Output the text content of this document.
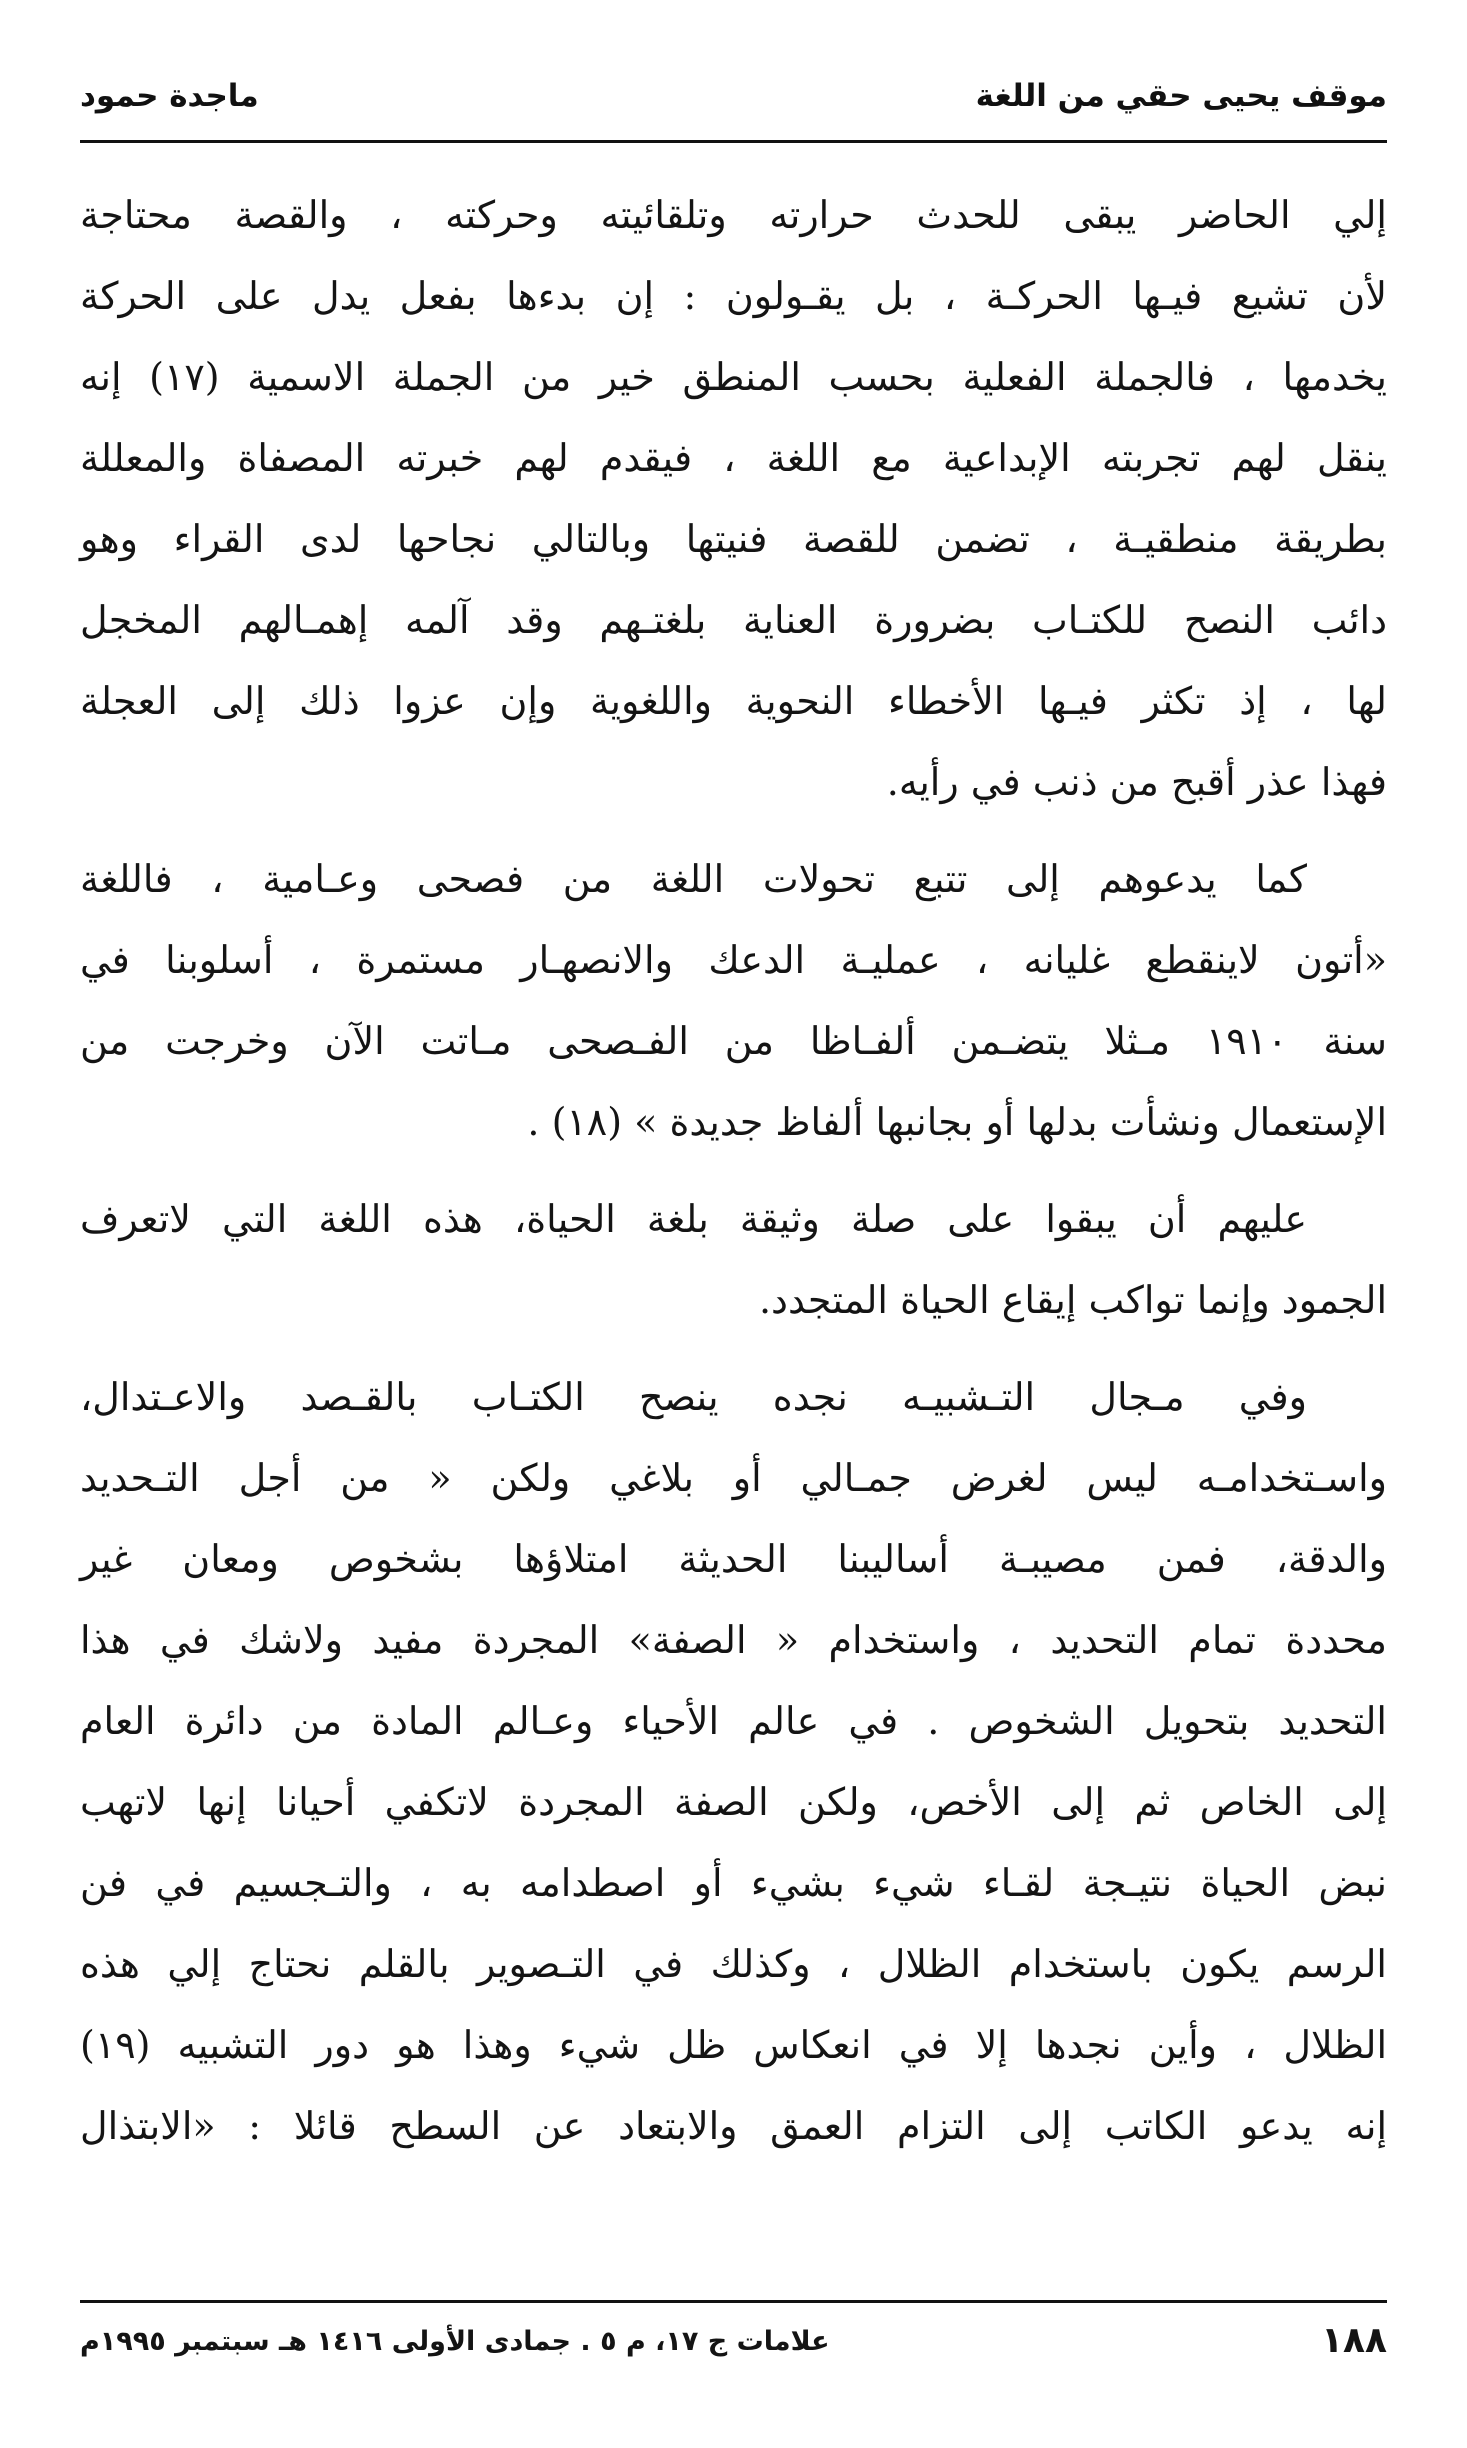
موقف يحيى حقي من اللغة
ماجدة حمود

إلي الحاضر يبقى للحدث حرارته وتلقائيته وحركته ، والقصة محتاجة
لأن تشيع فيـها الحركـة ، بل يقـولون : إن بدءها بفعل يدل على الحركة
يخدمها ، فالجملة الفعلية بحسب المنطق خير من الجملة الاسمية (١٧) إنه
ينقل لهم تجربته الإبداعية مع اللغة ، فيقدم لهم خبرته المصفاة والمعللة
بطريقة منطقيـة ، تضمن للقصة فنيتها وبالتالي نجاحها لدى القراء وهو
دائب النصح للكتـاب بضرورة العناية بلغتـهم وقد آلمه إهمـالهم المخجل
لها ، إذ تكثر فيـها الأخطاء النحوية واللغوية وإن عزوا ذلك إلى العجلة
فهذا عذر أقبح من ذنب في رأيه.

كما يدعوهم إلى تتبع تحولات اللغة من فصحى وعـامية ، فاللغة
«أتون لاينقطع غليانه ، عمليـة الدعك والانصهـار مستمرة ، أسلوبنا في
سنة ١٩١٠ مـثلا يتضـمن ألفـاظا من الفـصحى مـاتت الآن وخرجت من
الإستعمال ونشأت بدلها أو بجانبها ألفاظ جديدة » (١٨) .

عليهم أن يبقوا على صلة وثيقة بلغة الحياة، هذه اللغة التي لاتعرف
الجمود وإنما تواكب إيقاع الحياة المتجدد.

وفي مـجال التـشبيـه نجده ينصح الكتـاب بالقـصد والاعـتدال،
واسـتخدامـه ليس لغرض جمـالي أو بلاغي ولكن « من أجل التـحديد
والدقة، فمن مصيبـة أساليبنا الحديثة امتلاؤها بشخوص ومعان غير
محددة تمام التحديد ، واستخدام « الصفة» المجردة مفيد ولاشك في هذا
التحديد بتحويل الشخوص . في عالم الأحياء وعـالم المادة من دائرة العام
إلى الخاص ثم إلى الأخص، ولكن الصفة المجردة لاتكفي أحيانا إنها لاتهب
نبض الحياة نتيـجة لقـاء شيء بشيء أو اصطدامه به ، والتـجسيم في فن
الرسم يكون باستخدام الظلال ، وكذلك في التـصوير بالقلم نحتاج إلي هذه
الظلال ، وأين نجدها إلا في انعكاس ظل شيء وهذا هو دور التشبيه (١٩)
إنه يدعو الكاتب إلى التزام العمق والابتعاد عن السطح قائلا : «الابتذال

١٨٨
علامات ج ١٧، م ٥ . جمادى الأولى ١٤١٦ هـ سبتمبر ١٩٩٥م
